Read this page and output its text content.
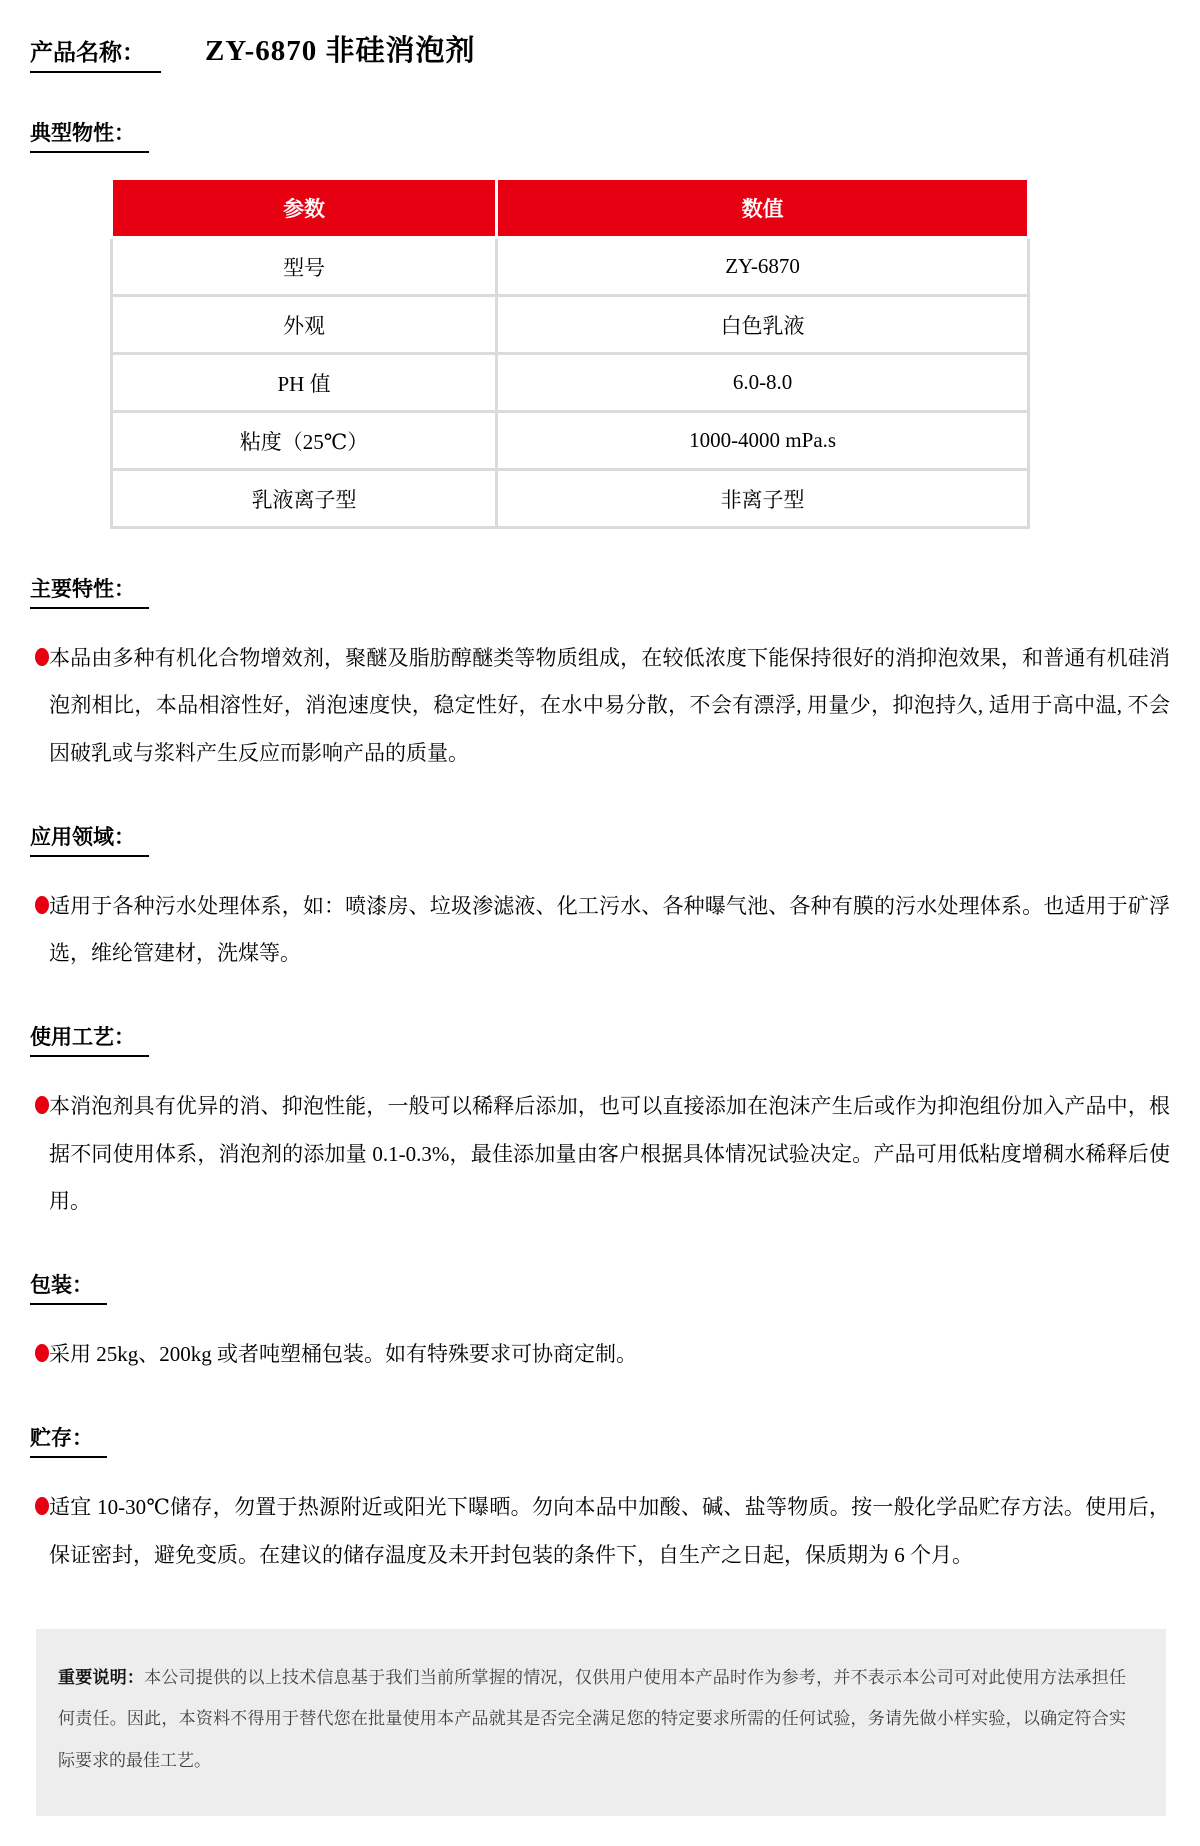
产品名称：	ZY-6870 非硅消泡剂
典型物性：
参数	数值
型号	ZY-6870
外观	白色乳液
PH 值	6.0-8.0
粘度（25℃）	1000-4000 mPa.s
乳液离子型	非离子型
主要特性：

本品由多种有机化合物增效剂，聚醚及脂肪醇醚类等物质组成，在较低浓度下能保持很好的消抑泡效果，和普通有机硅消泡剂相比，本品相溶性好，消泡速度快，稳定性好，在水中易分散，不会有漂浮, 用量少，抑泡持久, 适用于高中温, 不会因破乳或与浆料产生反应而影响产品的质量。

应用领域：

适用于各种污水处理体系，如：喷漆房、垃圾渗滤液、化工污水、各种曝气池、各种有膜的污水处理体系。也适用于矿浮选，维纶管建材，洗煤等。

使用工艺：

本消泡剂具有优异的消、抑泡性能，一般可以稀释后添加，也可以直接添加在泡沫产生后或作为抑泡组份加入产品中，根据不同使用体系，消泡剂的添加量 0.1-0.3%，最佳添加量由客户根据具体情况试验决定。产品可用低粘度增稠水稀释后使用。

包装：

采用 25kg、200kg 或者吨塑桶包装。如有特殊要求可协商定制。

贮存：

适宜 10-30℃储存，勿置于热源附近或阳光下曝晒。勿向本品中加酸、碱、盐等物质。按一般化学品贮存方法。使用后，保证密封，避免变质。在建议的储存温度及未开封包装的条件下，自生产之日起，保质期为 6 个月。

重要说明：本公司提供的以上技术信息基于我们当前所掌握的情况，仅供用户使用本产品时作为参考，并不表示本公司可对此使用方法承担任何责任。因此，本资料不得用于替代您在批量使用本产品就其是否完全满足您的特定要求所需的任何试验，务请先做小样实验，以确定符合实际要求的最佳工艺。
